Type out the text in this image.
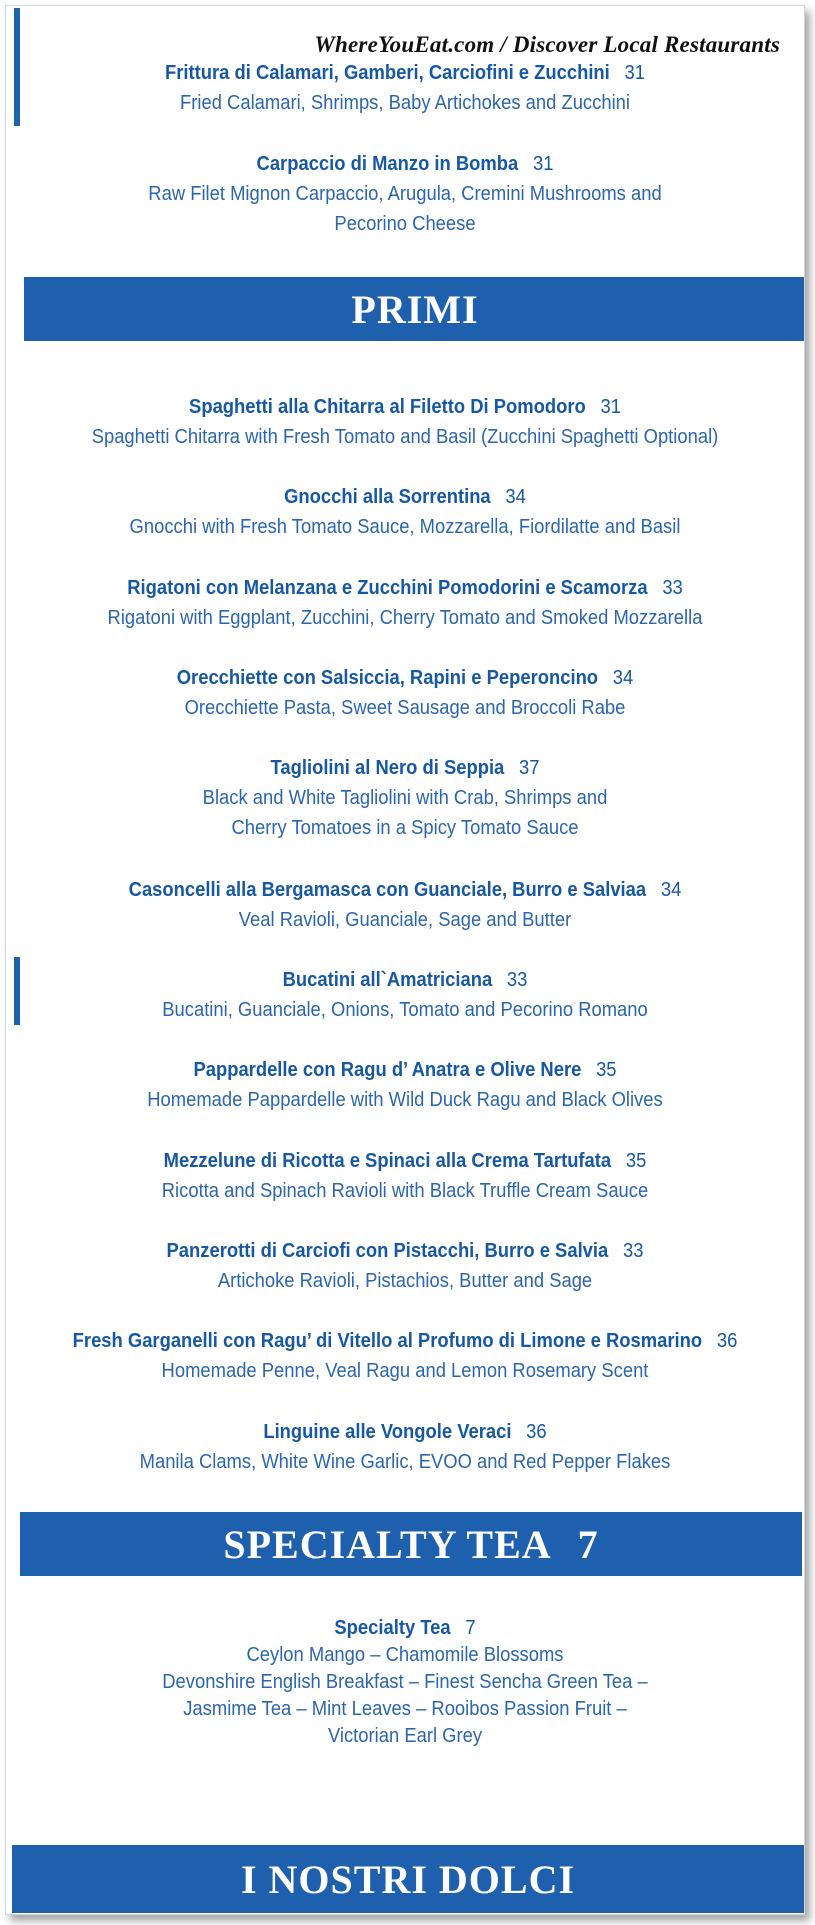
WhereYouEat.com / Discover Local Restaurants
Frittura di Calamari, Gamberi, Carciofini e Zucchini 31
Fried Calamari, Shrimps, Baby Artichokes and Zucchini
Carpaccio di Manzo in Bomba 31
Raw Filet Mignon Carpaccio, Arugula, Cremini Mushrooms and
Pecorino Cheese
PRIMI
Spaghetti alla Chitarra al Filetto Di Pomodoro 31
Spaghetti Chitarra with Fresh Tomato and Basil (Zucchini Spaghetti Optional)
Gnocchi alla Sorrentina 34
Gnocchi with Fresh Tomato Sauce, Mozzarella, Fiordilatte and Basil
Rigatoni con Melanzana e Zucchini Pomodorini e Scamorza 33
Rigatoni with Eggplant, Zucchini, Cherry Tomato and Smoked Mozzarella
Orecchiette con Salsiccia, Rapini e Peperoncino 34
Orecchiette Pasta, Sweet Sausage and Broccoli Rabe
Tagliolini al Nero di Seppia 37
Black and White Tagliolini with Crab, Shrimps and
Cherry Tomatoes in a Spicy Tomato Sauce
Casoncelli alla Bergamasca con Guanciale, Burro e Salviaa 34
Veal Ravioli, Guanciale, Sage and Butter
Bucatini all`Amatriciana 33
Bucatini, Guanciale, Onions, Tomato and Pecorino Romano
Pappardelle con Ragu d’ Anatra e Olive Nere 35
Homemade Pappardelle with Wild Duck Ragu and Black Olives
Mezzelune di Ricotta e Spinaci alla Crema Tartufata 35
Ricotta and Spinach Ravioli with Black Truffle Cream Sauce
Panzerotti di Carciofi con Pistacchi, Burro e Salvia 33
Artichoke Ravioli, Pistachios, Butter and Sage
Fresh Garganelli con Ragu’ di Vitello al Profumo di Limone e Rosmarino 36
Homemade Penne, Veal Ragu and Lemon Rosemary Scent
Linguine alle Vongole Veraci 36
Manila Clams, White Wine Garlic, EVOO and Red Pepper Flakes
SPECIALTY TEA 7
Specialty Tea 7
Ceylon Mango – Chamomile Blossoms
Devonshire English Breakfast – Finest Sencha Green Tea –
Jasmime Tea – Mint Leaves – Rooibos Passion Fruit –
Victorian Earl Grey
I NOSTRI DOLCI
